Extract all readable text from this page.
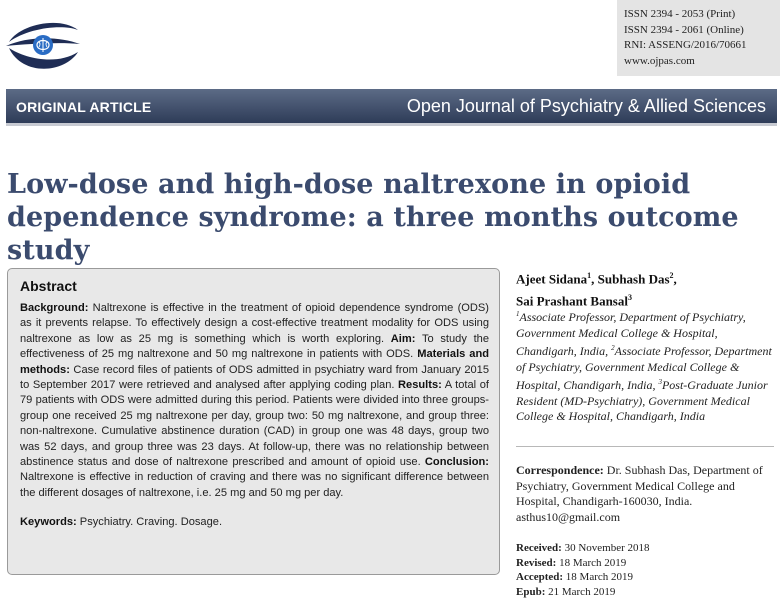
ISSN 2394 - 2053 (Print)
ISSN 2394 - 2061 (Online)
RNI: ASSENG/2016/70661
www.ojpas.com
ORIGINAL ARTICLE	Open Journal of Psychiatry & Allied Sciences
Low-dose and high-dose naltrexone in opioid dependence syndrome: a three months outcome study
Abstract

Background: Naltrexone is effective in the treatment of opioid dependence syndrome (ODS) as it prevents relapse. To effectively design a cost-effective treatment modality for ODS using naltrexone as low as 25 mg is something which is worth exploring. Aim: To study the effectiveness of 25 mg naltrexone and 50 mg naltrexone in patients with ODS. Materials and methods: Case record files of patients of ODS admitted in psychiatry ward from January 2015 to September 2017 were retrieved and analysed after applying coding plan. Results: A total of 79 patients with ODS were admitted during this period. Patients were divided into three groups- group one received 25 mg naltrexone per day, group two: 50 mg naltrexone, and group three: non-naltrexone. Cumulative abstinence duration (CAD) in group one was 48 days, group two was 52 days, and group three was 23 days. At follow-up, there was no relationship between abstinence status and dose of naltrexone prescribed and amount of opioid use. Conclusion: Naltrexone is effective in reduction of craving and there was no significant difference between the different dosages of naltrexone, i.e. 25 mg and 50 mg per day.

Keywords: Psychiatry. Craving. Dosage.

Ajeet Sidana$^1$, Subhash Das$^2$,
Sai Prashant Bansal$^3$
$^1$Associate Professor, Department of Psychiatry, Government Medical College & Hospital, Chandigarh, India, $^2$Associate Professor, Department of Psychiatry, Government Medical College & Hospital, Chandigarh, India, $^3$Post-Graduate Junior Resident (MD-Psychiatry), Government Medical College & Hospital, Chandigarh, India
Correspondence: Dr. Subhash Das, Department of Psychiatry, Government Medical College and Hospital, Chandigarh-160030, India. asthus10@gmail.com
Received: 30 November 2018
Revised: 18 March 2019
Accepted: 18 March 2019
Epub: 21 March 2019
